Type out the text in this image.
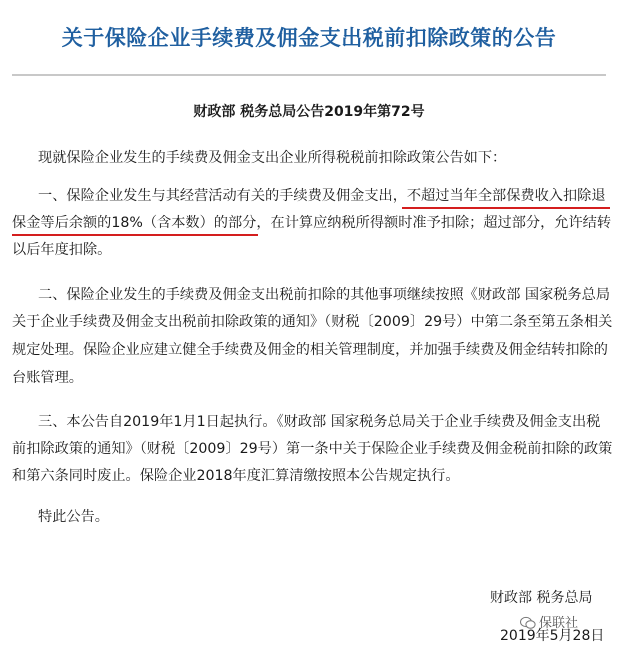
关于保险企业手续费及佣金支出税前扣除政策的公告
财政部 税务总局公告2019年第72号
现就保险企业发生的手续费及佣金支出企业所得税税前扣除政策公告如下：
一、保险企业发生与其经营活动有关的手续费及佣金支出，不超过当年全部保费收入扣除退
保金等后余额的18%（含本数）的部分，在计算应纳税所得额时准予扣除；超过部分，允许结转
以后年度扣除。
二、保险企业发生的手续费及佣金支出税前扣除的其他事项继续按照《财政部 国家税务总局
关于企业手续费及佣金支出税前扣除政策的通知》（财税〔2009〕29号）中第二条至第五条相关
规定处理。保险企业应建立健全手续费及佣金的相关管理制度，并加强手续费及佣金结转扣除的
台账管理。
三、本公告自2019年1月1日起执行。《财政部 国家税务总局关于企业手续费及佣金支出税
前扣除政策的通知》（财税〔2009〕29号）第一条中关于保险企业手续费及佣金税前扣除的政策
和第六条同时废止。保险企业2018年度汇算清缴按照本公告规定执行。
特此公告。
财政部 税务总局
2019年5月28日
保联社
